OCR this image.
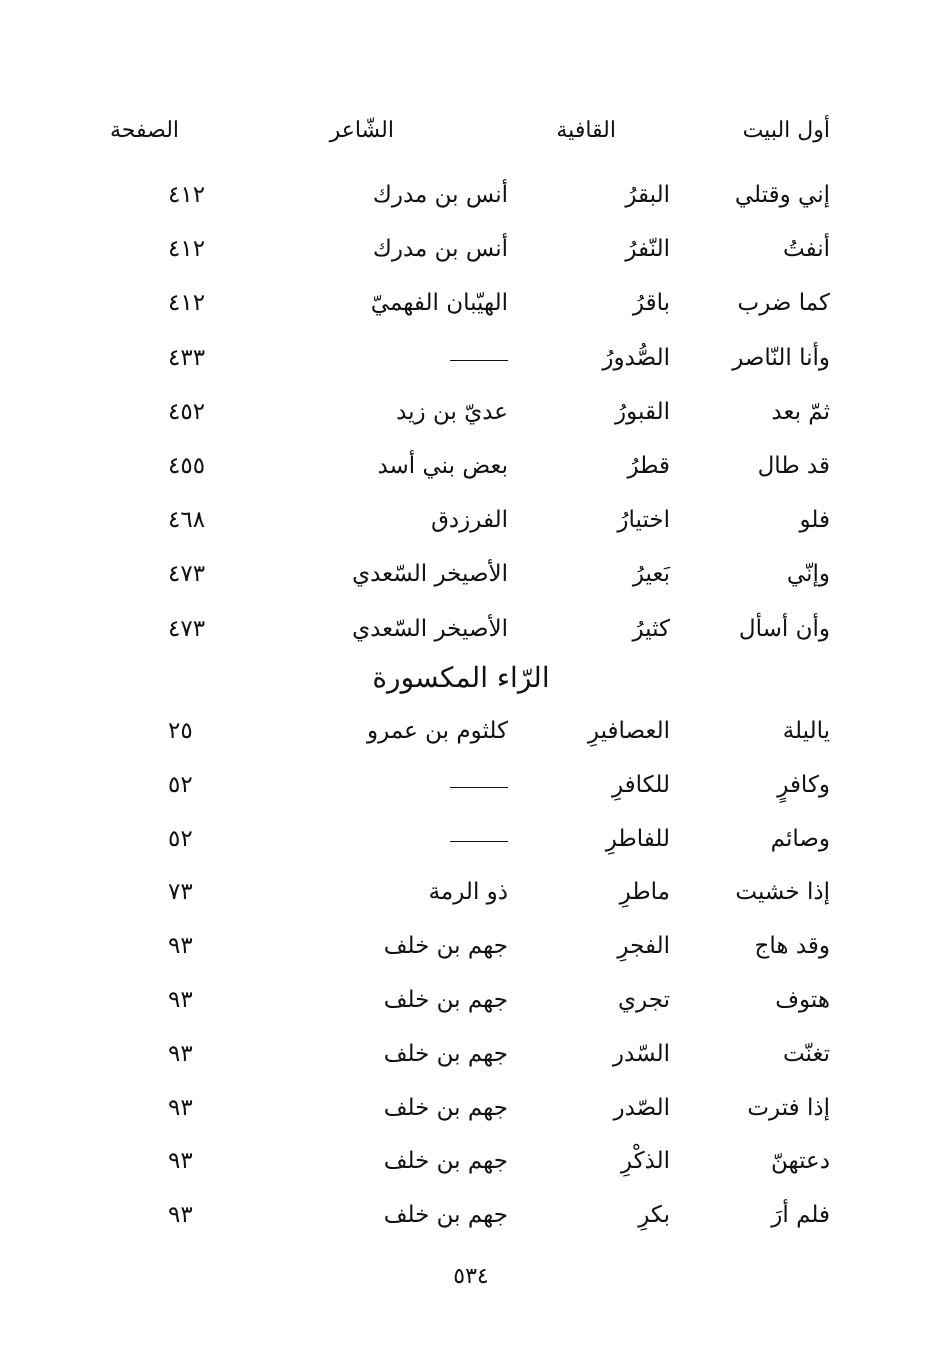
أول البيت
القافية
الشّاعر
الصفحة
إني وقتلي
البقرُ
أنس بن مدرك
٤١٢
أنفتُ
النّفرُ
أنس بن مدرك
٤١٢
كما ضرب
باقرُ
الهيّبان الفهميّ
٤١٢
وأنا النّاصر
الصُّدورُ
٤٣٣
ثمّ بعد
القبورُ
عديّ بن زيد
٤٥٢
قد طال
قطرُ
بعض بني أسد
٤٥٥
فلو
اختيارُ
الفرزدق
٤٦٨
وإنّي
بَعيرُ
الأصيخر السّعدي
٤٧٣
وأن أسأل
كثيرُ
الأصيخر السّعدي
٤٧٣
الرّاء المكسورة
ياليلة
العصافيرِ
كلثوم بن عمرو
٢٥
وكافرٍ
للكافرِ
٥٢
وصائم
للفاطرِ
٥٢
إذا خشيت
ماطرِ
ذو الرمة
٧٣
وقد هاج
الفجرِ
جهم بن خلف
٩٣
هتوف
تجري
جهم بن خلف
٩٣
تغنّت
السّدر
جهم بن خلف
٩٣
إذا فترت
الصّدر
جهم بن خلف
٩٣
دعتهنّ
الذكْرِ
جهم بن خلف
٩٣
فلم أرَ
بكرِ
جهم بن خلف
٩٣
٥٣٤
